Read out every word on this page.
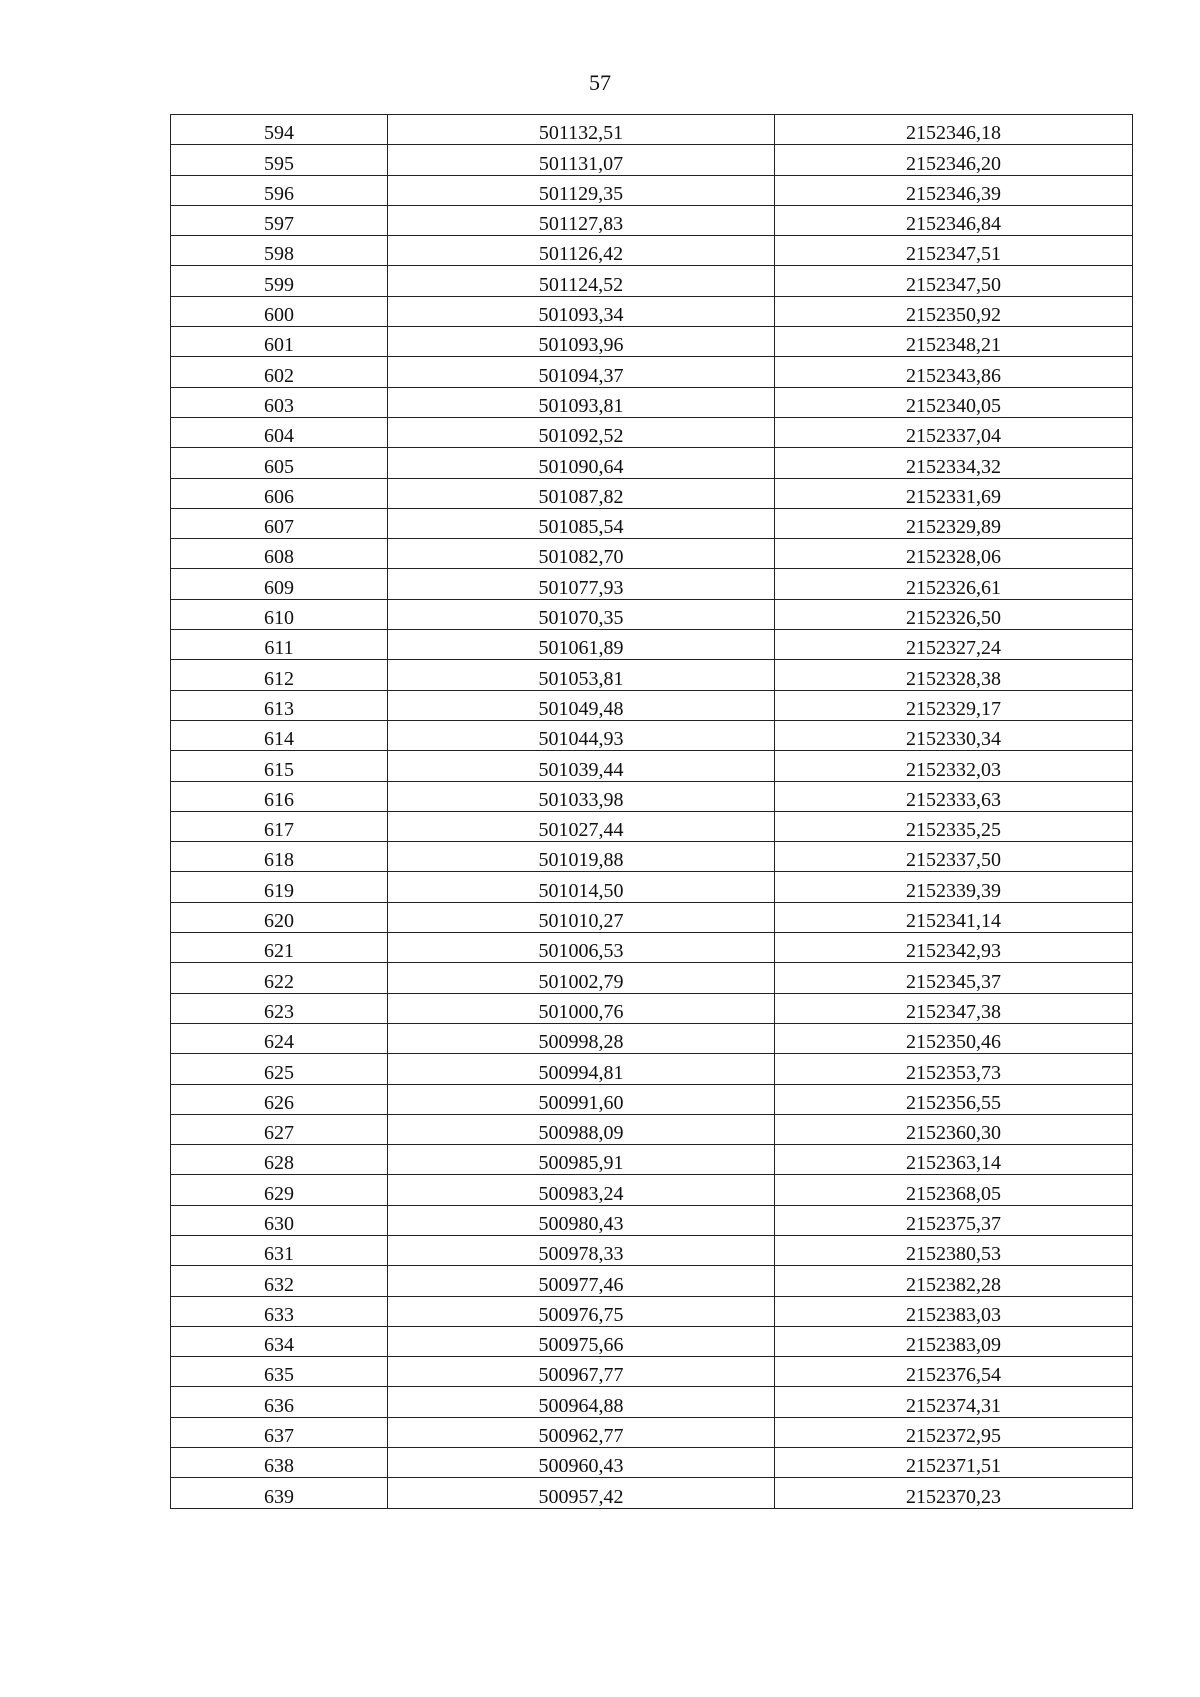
57
594	501132,51	2152346,18
595	501131,07	2152346,20
596	501129,35	2152346,39
597	501127,83	2152346,84
598	501126,42	2152347,51
599	501124,52	2152347,50
600	501093,34	2152350,92
601	501093,96	2152348,21
602	501094,37	2152343,86
603	501093,81	2152340,05
604	501092,52	2152337,04
605	501090,64	2152334,32
606	501087,82	2152331,69
607	501085,54	2152329,89
608	501082,70	2152328,06
609	501077,93	2152326,61
610	501070,35	2152326,50
611	501061,89	2152327,24
612	501053,81	2152328,38
613	501049,48	2152329,17
614	501044,93	2152330,34
615	501039,44	2152332,03
616	501033,98	2152333,63
617	501027,44	2152335,25
618	501019,88	2152337,50
619	501014,50	2152339,39
620	501010,27	2152341,14
621	501006,53	2152342,93
622	501002,79	2152345,37
623	501000,76	2152347,38
624	500998,28	2152350,46
625	500994,81	2152353,73
626	500991,60	2152356,55
627	500988,09	2152360,30
628	500985,91	2152363,14
629	500983,24	2152368,05
630	500980,43	2152375,37
631	500978,33	2152380,53
632	500977,46	2152382,28
633	500976,75	2152383,03
634	500975,66	2152383,09
635	500967,77	2152376,54
636	500964,88	2152374,31
637	500962,77	2152372,95
638	500960,43	2152371,51
639	500957,42	2152370,23
